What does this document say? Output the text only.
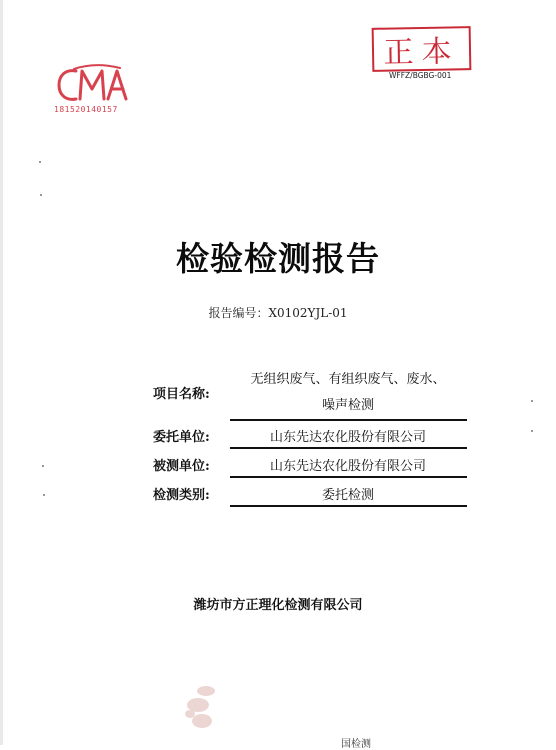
181520140157
正本
WFFZ/BGBG-001
检验检测报告
报告编号：X0102YJL-01
项目名称:
无组织废气、有组织废气、废水、
噪声检测
委托单位:	山东先达农化股份有限公司
被测单位:	山东先达农化股份有限公司
检测类别:	委托检测
潍坊市方正理化检测有限公司
国检测
